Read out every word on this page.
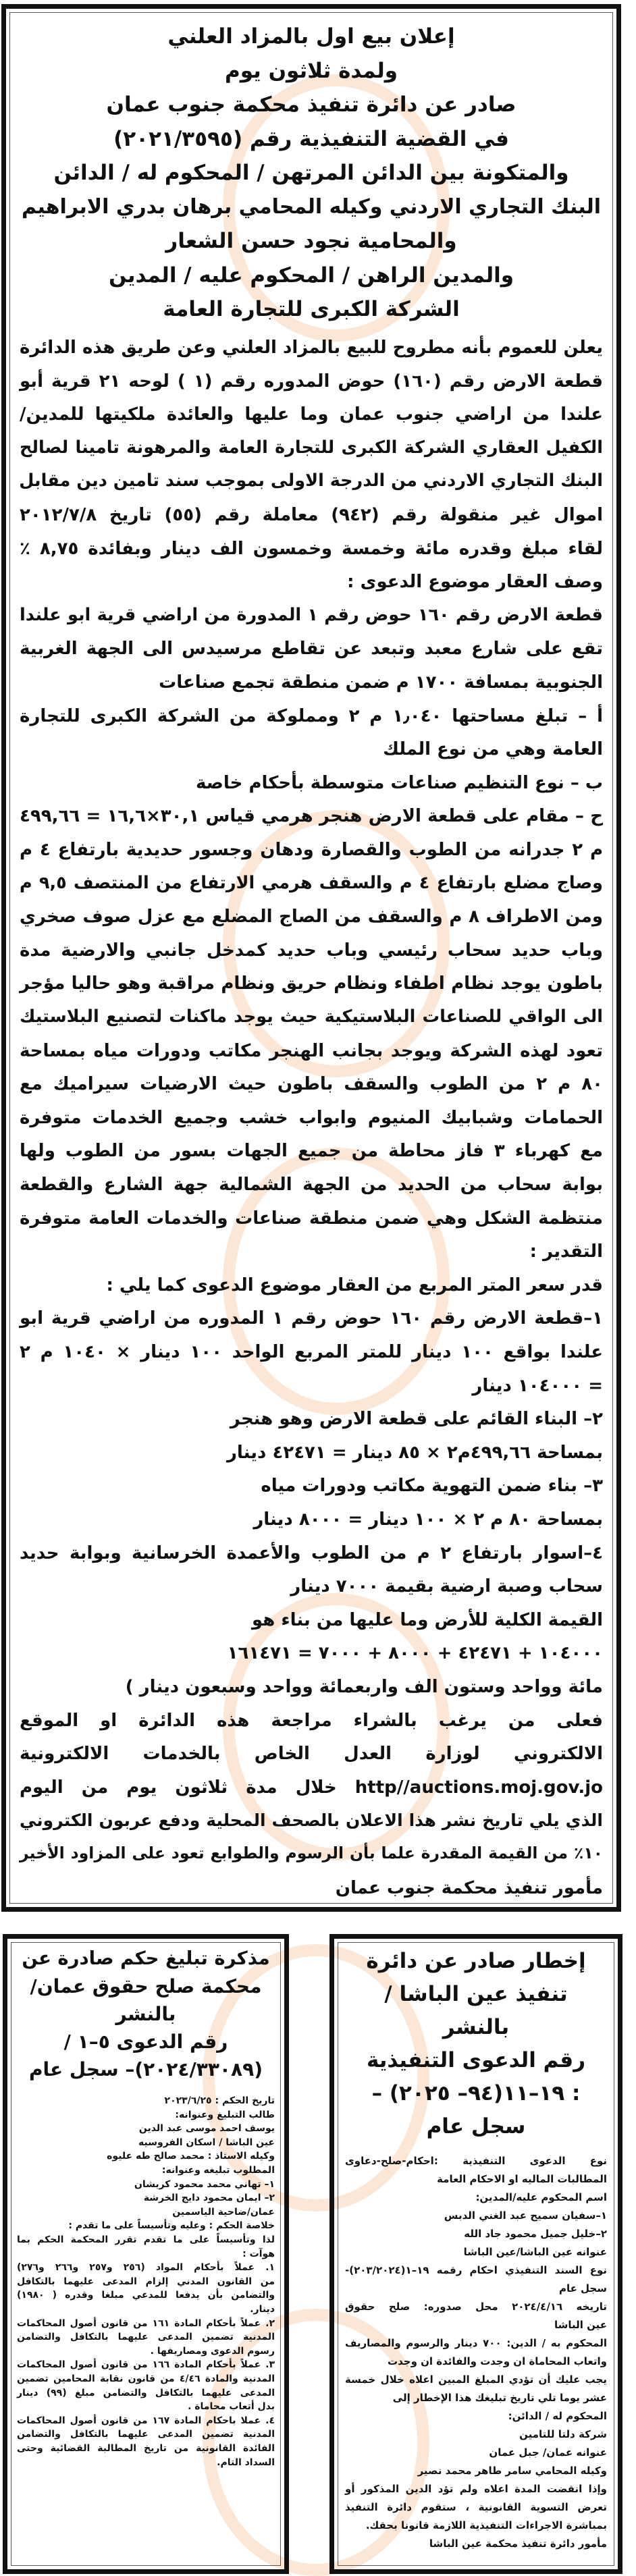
إعلان بيع اول بالمزاد العلني
ولمدة ثلاثون يوم
صادر عن دائرة تنفيذ محكمة جنوب عمان
في القضية التنفيذية رقم (٢٠٢١/٣٥٩٥)
والمتكونة بين الدائن المرتهن / المحكوم له / الدائن
البنك التجاري الاردني وكيله المحامي برهان بدري الابراهيم
والمحامية نجود حسن الشعار
والمدين الراهن / المحكوم عليه / المدين
الشركة الكبرى للتجارة العامة
يعلن للعموم بأنه مطروح للبيع بالمزاد العلني وعن طريق هذه الدائرة
قطعة الارض رقم (١٦٠) حوض المدوره رقم (١ ) لوحه ٢١ قرية أبو
علندا من اراضي جنوب عمان وما عليها والعائدة ملكيتها للمدين/
الكفيل العقاري الشركة الكبرى للتجارة العامة والمرهونة تامينا لصالح
البنك التجاري الاردني من الدرجة الاولى بموجب سند تامين دين مقابل
اموال غير منقولة رقم (٩٤٢) معاملة رقم (٥٥) تاريخ ٢٠١٢/٧/٨
لقاء مبلغ وقدره مائة وخمسة وخمسون الف دينار وبفائدة ٨,٧٥ ٪
وصف العقار موضوع الدعوى :
قطعة الارض رقم ١٦٠ حوض رقم ١ المدورة من اراضي قرية ابو علندا
تقع على شارع معبد وتبعد عن تقاطع مرسيدس الى الجهة الغربية
الجنوبية بمسافة ١٧٠٠ م ضمن منطقة تجمع صناعات
أ – تبلغ مساحتها ١٫٠٤٠ م ٢ ومملوكة من الشركة الكبرى للتجارة
العامة وهي من نوع الملك
ب – نوع التنظيم صناعات متوسطة بأحكام خاصة
ح – مقام على قطعة الارض هنجر هرمي قياس ٣٠,١×١٦,٦ = ٤٩٩,٦٦
م ٢ جدرانه من الطوب والقصارة ودهان وجسور حديدية بارتفاع ٤ م
وصاج مضلع بارتفاع ٤ م والسقف هرمي الارتفاع من المنتصف ٩,٥ م
ومن الاطراف ٨ م والسقف من الصاج المضلع مع عزل صوف صخري
وباب حديد سحاب رئيسي وباب حديد كمدخل جانبي والارضية مدة
باطون يوجد نظام اطفاء ونظام حريق ونظام مراقبة وهو حاليا مؤجر
الى الواقي للصناعات البلاستيكية حيث يوجد ماكنات لتصنيع البلاستيك
تعود لهذه الشركة ويوجد بجانب الهنجر مكاتب ودورات مياه بمساحة
٨٠ م ٢ من الطوب والسقف باطون حيث الارضيات سيراميك مع
الحمامات وشبابيك المنيوم وابواب خشب وجميع الخدمات متوفرة
مع كهرباء ٣ فاز محاطة من جميع الجهات بسور من الطوب ولها
بوابة سحاب من الحديد من الجهة الشمالية جهة الشارع والقطعة
منتظمة الشكل وهي ضمن منطقة صناعات والخدمات العامة متوفرة
التقدير :
قدر سعر المتر المربع من العقار موضوع الدعوى كما يلي :
١–قطعة الارض رقم ١٦٠ حوض رقم ١ المدوره من اراضي قرية ابو
علندا بواقع ١٠٠ دينار للمتر المربع الواحد ١٠٠ دينار × ١٠٤٠ م ٢
= ١٠٤٠٠٠ دينار
٢– البناء القائم على قطعة الارض وهو هنجر
بمساحة ٤٩٩,٦٦م٢ × ٨٥ دينار = ٤٢٤٧١ دينار
٣– بناء ضمن التهوية مكاتب ودورات مياه
بمساحة ٨٠ م ٢ × ١٠٠ دينار = ٨٠٠٠ دينار
٤–اسوار بارتفاع ٢ م من الطوب والأعمدة الخرسانية وبوابة حديد
سحاب وصبة ارضية بقيمة ٧٠٠٠ دينار
القيمة الكلية للأرض وما عليها من بناء هو
١٠٤٠٠٠ + ٤٢٤٧١ + ٨٠٠٠ + ٧٠٠٠ = ١٦١٤٧١
مائة وواحد وستون الف واربعمائة وواحد وسبعون دينار )
فعلى من يرغب بالشراء مراجعة هذه الدائرة او الموقع
الالكتروني لوزارة العدل الخاص بالخدمات الالكترونية
http//auctions.moj.gov.jo خلال مدة ثلاثون يوم من اليوم
الذي يلي تاريخ نشر هذا الاعلان بالصحف المحلية ودفع عربون الكتروني
١٠٪ من القيمة المقدرة علما بأن الرسوم والطوابع تعود على المزاود الأخير
مأمور تنفيذ محكمة جنوب عمان
إخطار صادر عن دائرة
تنفيذ عين الباشا /
بالنشر
رقم الدعوى التنفيذية
: ١٩–١١(٩٤– ٢٠٢٥) –
سجل عام
نوع الدعوى التنفيذية :احكام-صلح-دعاوى
المطالبات الماليه او الاحكام العامة
اسم المحكوم عليه/المدين:
١–سفيان سميح عبد الغني الدبس
٢–خليل جميل محمود جاد الله
عنوانه عين الباشا/عين الباشا
نوع السند التنفيذي احكام رقمه ١٩–١(٢٠٣/٢٠٢٤)-
سجل عام
تاريخه ٢٠٢٤/٤/١٦ محل صدوره: صلح حقوق
عين الباشا
المحكوم به / الدين: ٧٠٠ دينار والرسوم والمصاريف
واتعاب المحاماة ان وجدت والفائدة ان وجدت
يجب عليك أن تؤدي المبلغ المبين اعلاه خلال خمسة
عشر يوما تلي تاريخ تبليغك هذا الإخطار إلى
المحكوم له / الدائن:
شركة دلتا للتامين
عنوانه عمان/ جبل عمان
وكيله المحامي سامر طاهر محمد نصير
وإذا انقضت المدة اعلاه ولم تؤد الدين المذكور أو
تعرض التسوية القانونية ، ستقوم دائرة التنفيذ
بمباشرة الاجراءات التنفيذية اللازمة قانونا بحقك.
مأمور دائرة تنفيذ محكمة عين الباشا
مذكرة تبليغ حكم صادرة عن
محكمة صلح حقوق عمان/
بالنشر
رقم الدعوى ٥–١ /
(٢٠٢٤/٣٣٠٨٩)– سجل عام
تاريخ الحكم : ٢٠٢٣/٦/٢٥
طالب التبليغ وعنوانه:
يوسف احمد موسى عبد الدين
عين الباشا / اسكان الفروسيه
وكيله الاستاذ : محمد صالح طه عليوه
المطلوب تبليغه وعنوانه:
١– تهاني محمد محمود كريشان
٢– ايمان محمود دايج الخرشة
عمان/ضاحية الياسمين
خلاصة الحكم : وعليه وتأسيساً على ما تقدم :
لذا وتأسيساً على ما تقدم تقرر المحكمة الحكم بما
هوآت :
١. عملاً بأحكام المواد (٢٥٦ و٢٥٧ و٢٦٦ و٢٧٦)
من القانون المدني إلزام المدعى عليهما بالتكافل
والتضامن بأن يدفعا للمدعي مبلغا وقدره ( ١٩٨٠)
دينار.
٢. عملاً بأحكام المادة ١٦١ من قانون أصول المحاكمات
المدنية تضمين المدعى عليهما بالتكافل والتضامن
رسوم الدعوى ومصاريفها .
٣. عملاً بأحكام المادة ١٦٦ من قانون أصول المحاكمات
المدنية والمادة ٤/٤٦ من قانون نقابة المحامين تضمين
المدعى عليهما بالتكافل والتضامن مبلغ (٩٩) دينار
بدل أتعاب محاماة .
٤. عملا باحكام المادة ١٦٧ من قانون أصول المحاكمات
المدنية تضمين المدعى عليهما بالتكافل والتضامن
الفائدة القانونية من تاريخ المطالبة القضائية وحتى
السداد التام.
